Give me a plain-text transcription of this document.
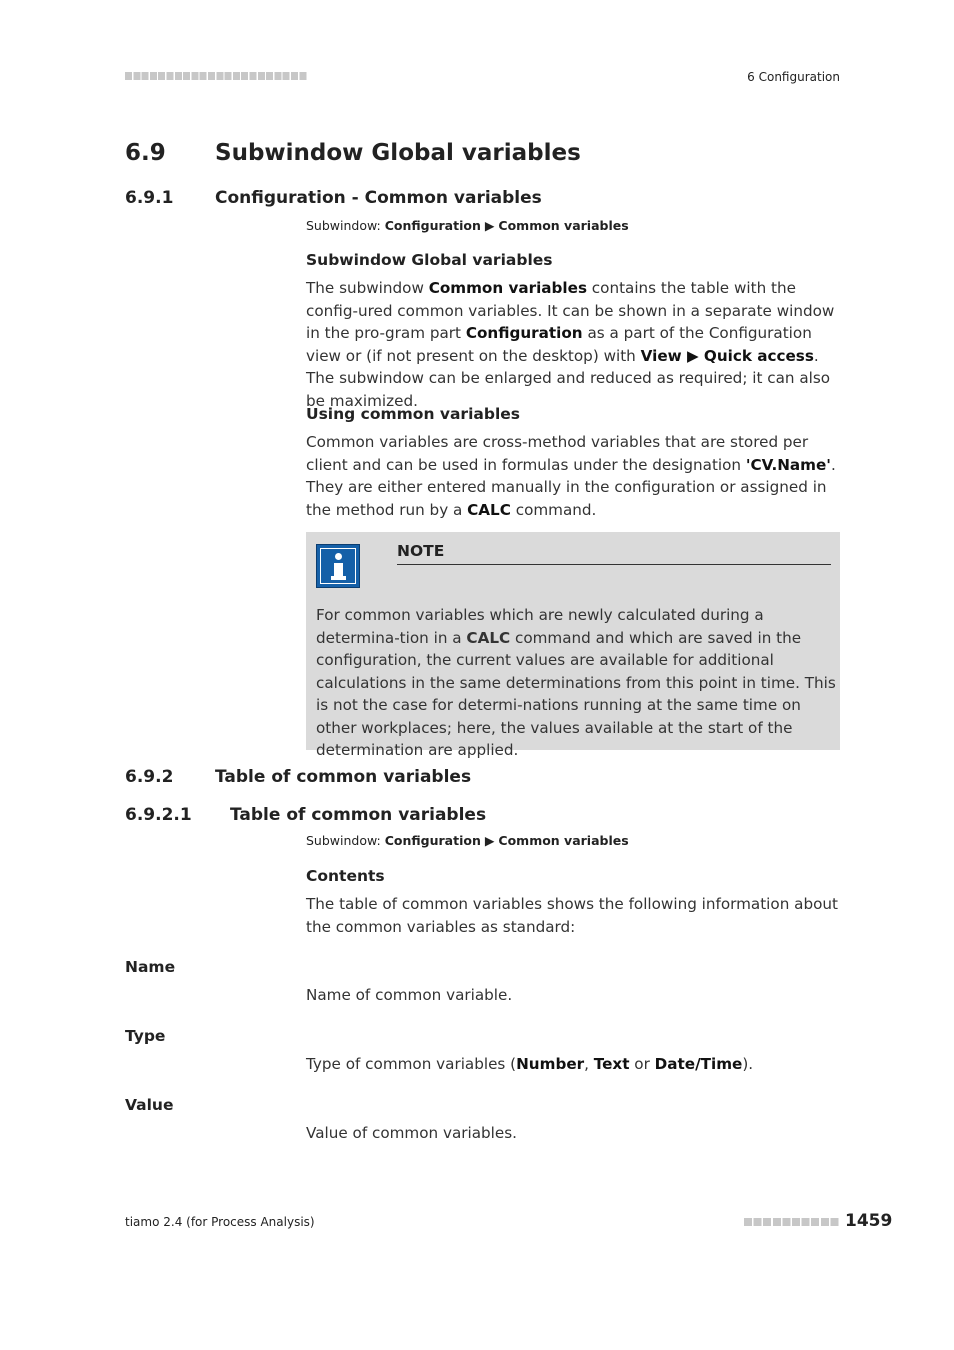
6 Configuration
6.9 Subwindow Global variables
6.9.1 Configuration - Common variables
Subwindow: Configuration ▶ Common variables
Subwindow Global variables
The subwindow Common variables contains the table with the config-ured common variables. It can be shown in a separate window in the pro-gram part Configuration as a part of the Configuration view or (if not present on the desktop) with View ▶ Quick access. The subwindow can be enlarged and reduced as required; it can also be maximized.
Using common variables
Common variables are cross-method variables that are stored per client and can be used in formulas under the designation 'CV.Name'. They are either entered manually in the configuration or assigned in the method run by a CALC command.
NOTE
For common variables which are newly calculated during a determina-tion in a CALC command and which are saved in the configuration, the current values are available for additional calculations in the same determinations from this point in time. This is not the case for determi-nations running at the same time on other workplaces; here, the values available at the start of the determination are applied.
6.9.2 Table of common variables
6.9.2.1 Table of common variables
Subwindow: Configuration ▶ Common variables
Contents
The table of common variables shows the following information about the common variables as standard:
Name
Name of common variable.
Type
Type of common variables (Number, Text or Date/Time).
Value
Value of common variables.
tiamo 2.4 (for Process Analysis)	1459
